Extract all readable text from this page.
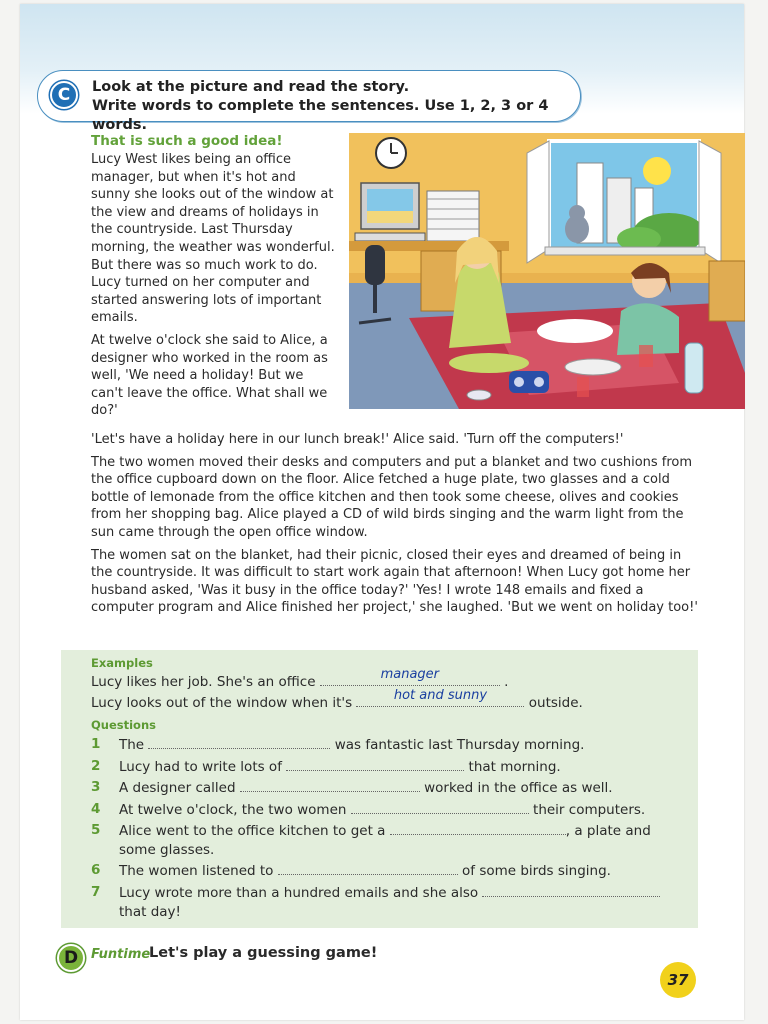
C	Look at the picture and read the story.
Write words to complete the sentences. Use 1, 2, 3 or 4 words.
That is such a good idea!

Lucy West likes being an office manager, but when it's hot and sunny she looks out of the window at the view and dreams of holidays in the countryside. Last Thursday morning, the weather was wonderful. But there was so much work to do. Lucy turned on her computer and started answering lots of important emails.

At twelve o'clock she said to Alice, a designer who worked in the room as well, 'We need a holiday! But we can't leave the office. What shall we do?'

'Let's have a holiday here in our lunch break!' Alice said. 'Turn off the computers!'

The two women moved their desks and computers and put a blanket and two cushions from the office cupboard down on the floor. Alice fetched a huge plate, two glasses and a cold bottle of lemonade from the office kitchen and then took some cheese, olives and cookies from her shopping bag. Alice played a CD of wild birds singing and the warm light from the sun came through the open office window.

The women sat on the blanket, had their picnic, closed their eyes and dreamed of being in the countryside. It was difficult to start work again that afternoon! When Lucy got home her husband asked, 'Was it busy in the office today?' 'Yes! I wrote 148 emails and fixed a computer program and Alice finished her project,' she laughed. 'But we went on holiday too!'

Examples
Lucy likes her job. She's an office	manager	.
Lucy looks out of the window when it's	hot and sunny	outside.
Questions
1 The	was fantastic last Thursday morning.
2 Lucy had to write lots of	that morning.
3 A designer called	worked in the office as well.
4 At twelve o'clock, the two women	their computers.
5 Alice went to the office kitchen to get a	, a plate and
some glasses.
6 The women listened to	of some birds singing.
7 Lucy wrote more than a hundred emails and she also
that day!
D Funtime
Let's play a guessing game!
37
